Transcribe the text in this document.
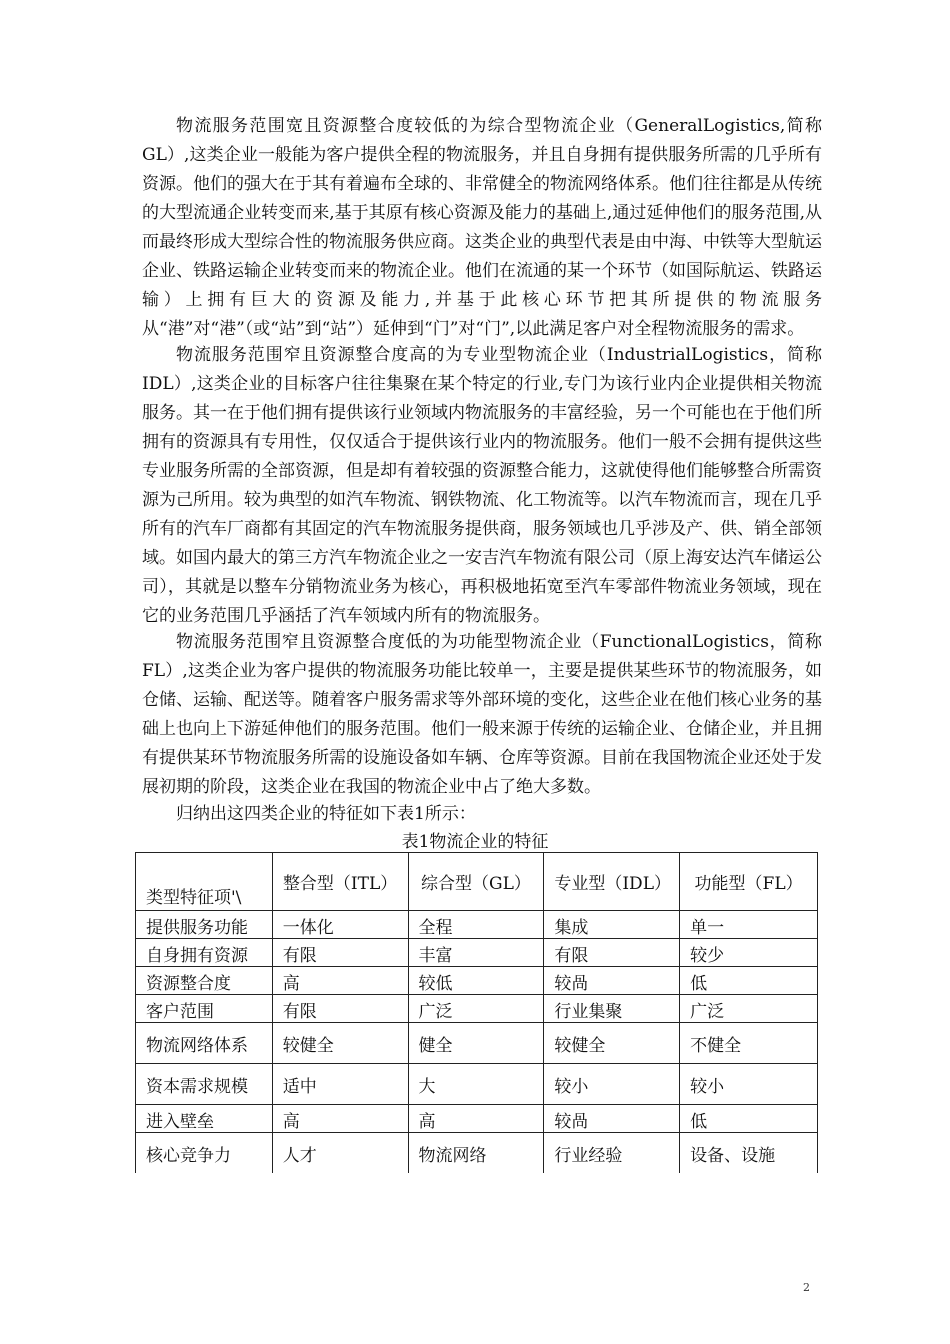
物流服务范围宽且资源整合度较低的为综合型物流企业（GeneralLogistics,简称GL）,这类企业一般能为客户提供全程的物流服务，并且自身拥有提供服务所需的几乎所有资源。他们的强大在于其有着遍布全球的、非常健全的物流网络体系。他们往往都是从传统的大型流通企业转变而来,基于其原有核心资源及能力的基础上,通过延伸他们的服务范围,从而最终形成大型综合性的物流服务供应商。这类企业的典型代表是由中海、中铁等大型航运企业、铁路运输企业转变而来的物流企业。他们在流通的某一个环节（如国际航运、铁路运输）上拥有巨大的资源及能力,并基于此核心环节把其所提供的物流服务从“港”对“港”（或“站”到“站”）延伸到“门”对“门”,以此满足客户对全程物流服务的需求。

物流服务范围窄且资源整合度高的为专业型物流企业（IndustrialLogistics，简称IDL）,这类企业的目标客户往往集聚在某个特定的行业,专门为该行业内企业提供相关物流服务。其一在于他们拥有提供该行业领域内物流服务的丰富经验，另一个可能也在于他们所拥有的资源具有专用性，仅仅适合于提供该行业内的物流服务。他们一般不会拥有提供这些专业服务所需的全部资源，但是却有着较强的资源整合能力，这就使得他们能够整合所需资源为己所用。较为典型的如汽车物流、钢铁物流、化工物流等。以汽车物流而言，现在几乎所有的汽车厂商都有其固定的汽车物流服务提供商，服务领域也几乎涉及产、供、销全部领域。如国内最大的第三方汽车物流企业之一安吉汽车物流有限公司（原上海安达汽车储运公司），其就是以整车分销物流业务为核心，再积极地拓宽至汽车零部件物流业务领域，现在它的业务范围几乎涵括了汽车领域内所有的物流服务。

物流服务范围窄且资源整合度低的为功能型物流企业（FunctionalLogistics，简称FL）,这类企业为客户提供的物流服务功能比较单一，主要是提供某些环节的物流服务，如仓储、运输、配送等。随着客户服务需求等外部环境的变化，这些企业在他们核心业务的基础上也向上下游延伸他们的服务范围。他们一般来源于传统的运输企业、仓储企业，并且拥有提供某环节物流服务所需的设施设备如车辆、仓库等资源。目前在我国物流企业还处于发展初期的阶段，这类企业在我国的物流企业中占了绝大多数。

归纳出这四类企业的特征如下表1所示：

表1物流企业的特征
类型特征项'\	整合型（ITL）	综合型（GL）	专业型（IDL）	功能型（FL）
提供服务功能	一体化	全程	集成	单一
自身拥有资源	有限	丰富	有限	较少
资源整合度	高	较低	较咼	低
客户范围	有限	广泛	行业集聚	广泛
物流网络体系	较健全	健全	较健全	不健全
资本需求规模	适中	大	较小	较小
进入壁垒	高	高	较咼	低
核心竞争力	人才	物流网络	行业经验	设备、设施
2
